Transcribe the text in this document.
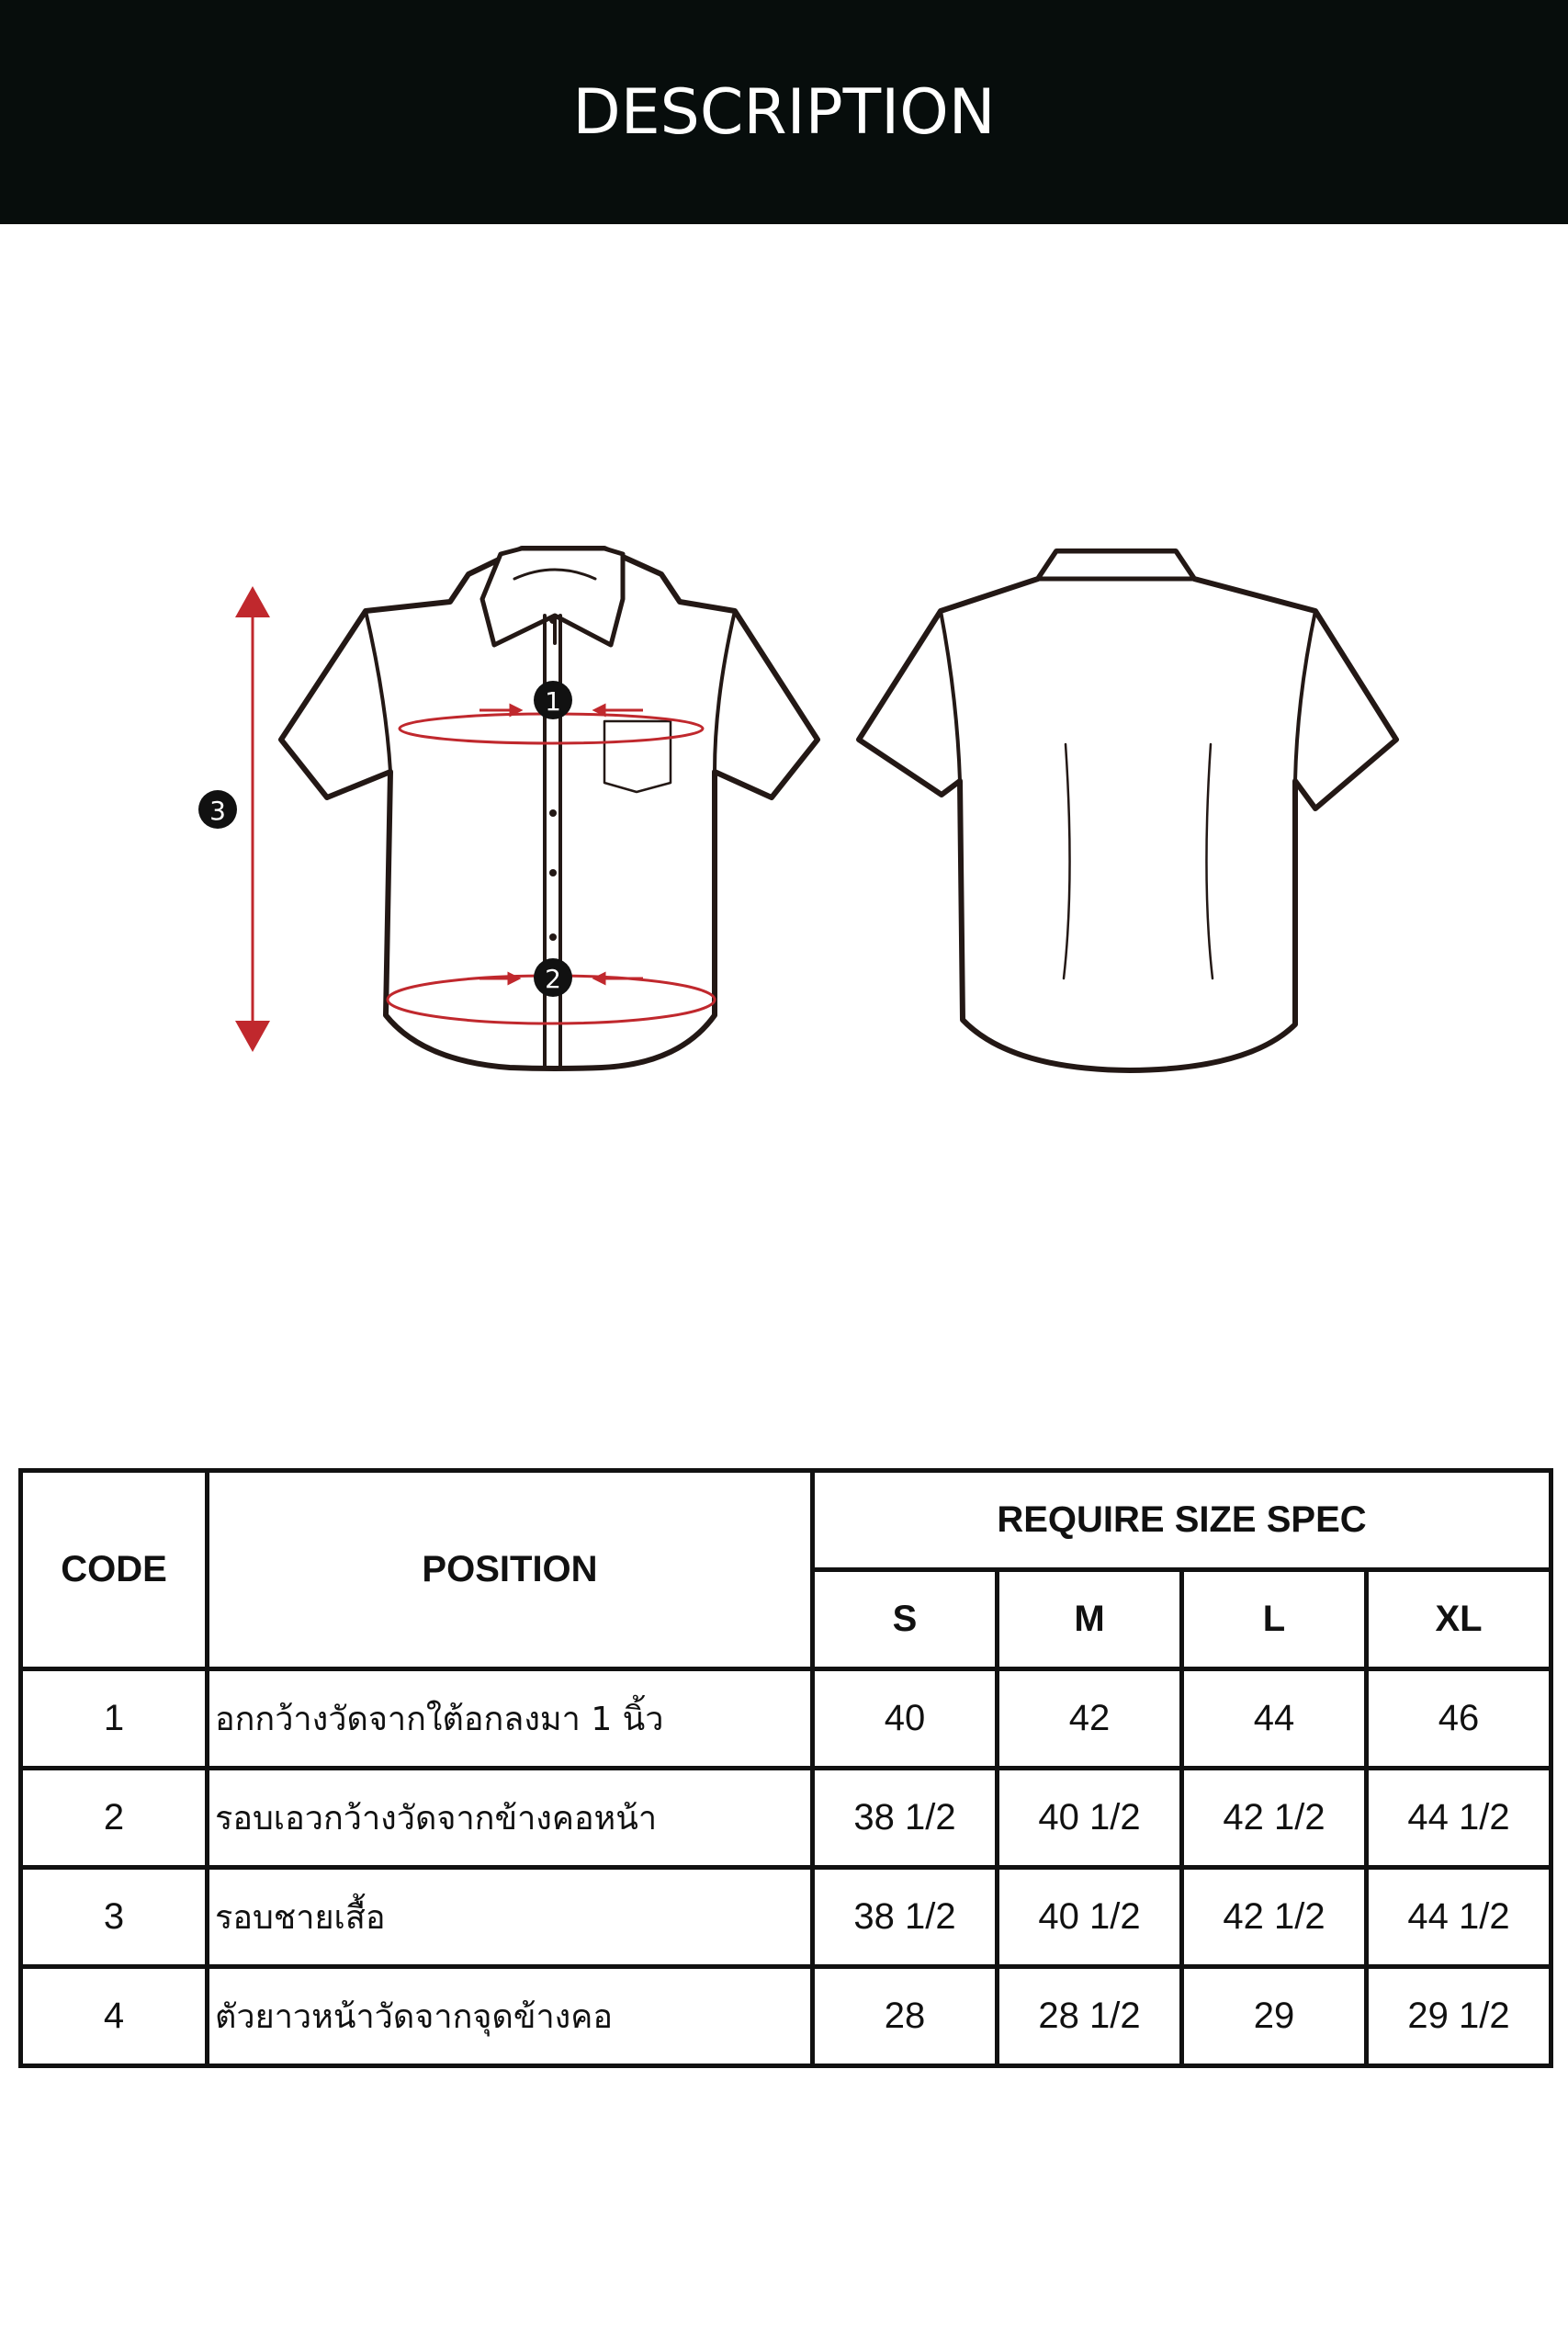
DESCRIPTION
1
2
3
CODE	POSITION	REQUIRE SIZE SPEC			
		S	M	L	XL
1	อกกว้างวัดจากใต้อกลงมา 1 นิ้ว	40	42	44	46
2	รอบเอวกว้างวัดจากข้างคอหน้า	38 1/2	40 1/2	42 1/2	44 1/2
3	รอบชายเสื้อ	38 1/2	40 1/2	42 1/2	44 1/2
4	ตัวยาวหน้าวัดจากจุดข้างคอ	28	28 1/2	29	29 1/2
